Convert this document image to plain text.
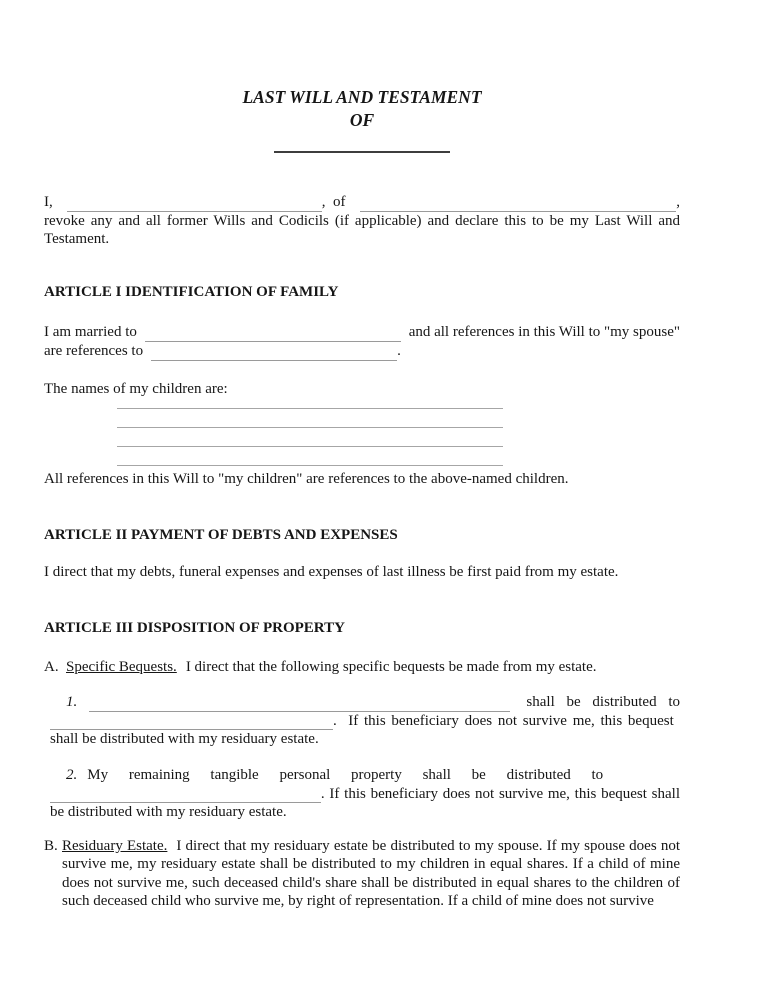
LAST WILL AND TESTAMENT
OF
I,	,  of	,
revoke any and all former Wills and Codicils (if applicable) and declare this to be my Last Will and Testament.
ARTICLE I IDENTIFICATION OF FAMILY
I am married to	and all references in this Will to "my spouse"
are references to	.
The names of my children are:
All references in this Will to "my children" are references to the above-named children.
ARTICLE II PAYMENT OF DEBTS AND EXPENSES
I direct that my debts, funeral expenses and expenses of last illness be first paid from my estate.
ARTICLE III DISPOSITION OF PROPERTY
A. Specific Bequests. I direct that the following specific bequests be made from my estate.
1.	shall be distributed to
.  If this beneficiary does not survive me, this bequest
shall be distributed with my residuary estate.
2. My remaining tangible personal property shall be distributed to
. If this beneficiary does not survive me, this bequest shall
be distributed with my residuary estate.
B. Residuary Estate. I direct that my residuary estate be distributed to my spouse. If my spouse does not survive me, my residuary estate shall be distributed to my children in equal shares. If a child of mine does not survive me, such deceased child's share shall be distributed in equal shares to the children of such deceased child who survive me, by right of representation. If a child of mine does not survive
